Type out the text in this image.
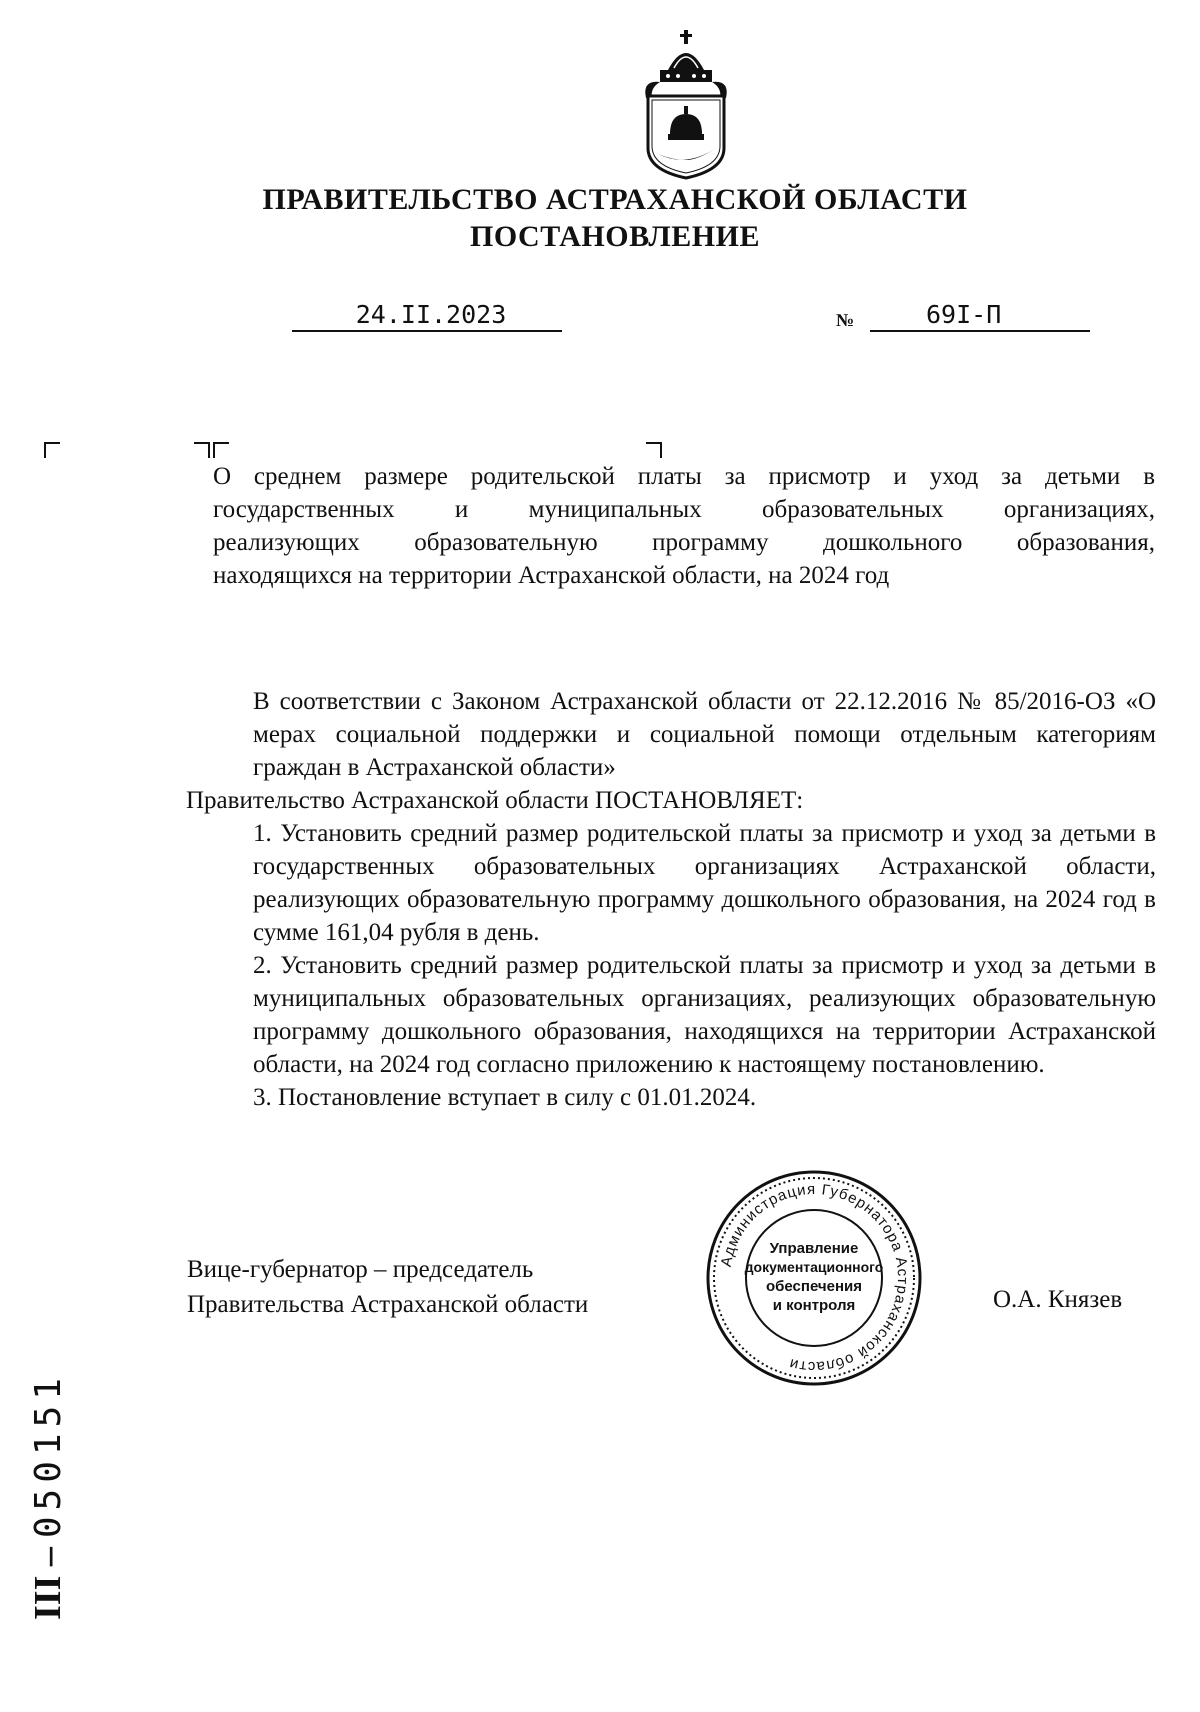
ПРАВИТЕЛЬСТВО АСТРАХАНСКОЙ ОБЛАСТИ
ПОСТАНОВЛЕНИЕ
24.II.2023	№	69I-П
О среднем размере родительской платы за присмотр и уход за детьми в
государственных и муниципальных образовательных организациях,
реализующих образовательную программу дошкольного образования,
находящихся на территории Астраханской области, на 2024 год
В соответствии с Законом Астраханской области от 22.12.2016 № 85/2016-ОЗ «О мерах социальной поддержки и социальной помощи отдельным категориям граждан в Астраханской области»
Правительство Астраханской области ПОСТАНОВЛЯЕТ:
1. Установить средний размер родительской платы за присмотр и уход за детьми в государственных образовательных организациях Астраханской области, реализующих образовательную программу дошкольного образования, на 2024 год в сумме 161,04 рубля в день.
2. Установить средний размер родительской платы за присмотр и уход за детьми в муниципальных образовательных организациях, реализующих образовательную программу дошкольного образования, находящихся на территории Астраханской области, на 2024 год согласно приложению к настоящему постановлению.
3. Постановление вступает в силу с 01.01.2024.
Вице-губернатор – председатель
Правительства Астраханской области	О.А. Князев
Администрация Губернатора Астраханской области
Управление
документационного
обеспечения
и контроля
ІІІ – 050151
